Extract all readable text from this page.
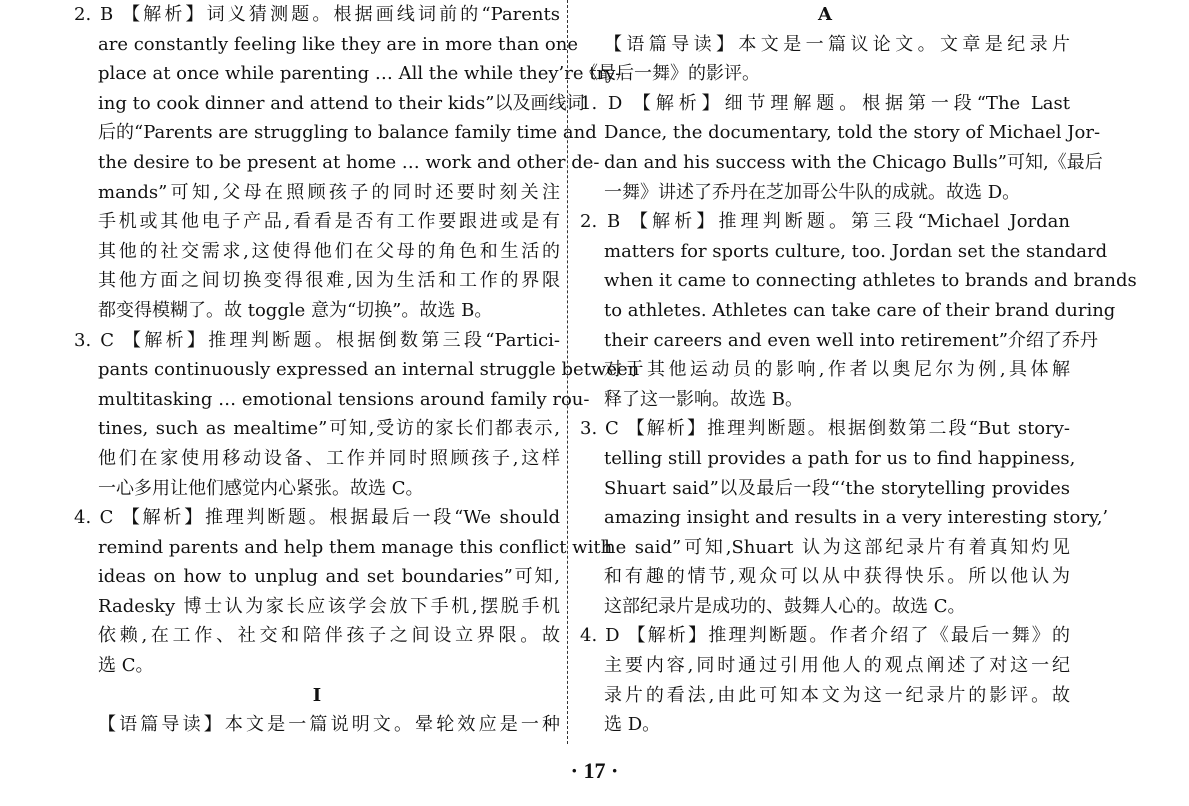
2. B 【解析】词义猜测题。根据画线词前的“Parents
are constantly feeling like they are in more than one
place at once while parenting … All the while they’re try-
ing to cook dinner and attend to their kids”以及画线词
后的“Parents are struggling to balance family time and
the desire to be present at home … work and other de-
mands”可知,父母在照顾孩子的同时还要时刻关注
手机或其他电子产品,看看是否有工作要跟进或是有
其他的社交需求,这使得他们在父母的角色和生活的
其他方面之间切换变得很难,因为生活和工作的界限
都变得模糊了。故 toggle 意为“切换”。故选 B。
3. C 【解析】推理判断题。根据倒数第三段“Partici-
pants continuously expressed an internal struggle between
multitasking … emotional tensions around family rou-
tines, such as mealtime”可知,受访的家长们都表示,
他们在家使用移动设备、工作并同时照顾孩子,这样
一心多用让他们感觉内心紧张。故选 C。
4. C 【解析】推理判断题。根据最后一段“We should
remind parents and help them manage this conflict with
ideas on how to unplug and set boundaries”可知,
Radesky 博士认为家长应该学会放下手机,摆脱手机
依赖,在工作、社交和陪伴孩子之间设立界限。故
选 C。
I
【语篇导读】本文是一篇说明文。晕轮效应是一种
A
【语篇导读】本文是一篇议论文。文章是纪录片
《最后一舞》的影评。
1. D 【解析】细节理解题。根据第一段“The Last
Dance, the documentary, told the story of Michael Jor-
dan and his success with the Chicago Bulls”可知,《最后
一舞》讲述了乔丹在芝加哥公牛队的成就。故选 D。
2. B 【解析】推理判断题。第三段“Michael Jordan
matters for sports culture, too. Jordan set the standard
when it came to connecting athletes to brands and brands
to athletes. Athletes can take care of their brand during
their careers and even well into retirement”介绍了乔丹
对于其他运动员的影响,作者以奥尼尔为例,具体解
释了这一影响。故选 B。
3. C 【解析】推理判断题。根据倒数第二段“But story-
telling still provides a path for us to find happiness,
Shuart said”以及最后一段“‘the storytelling provides
amazing insight and results in a very interesting story,’
he said”可知,Shuart 认为这部纪录片有着真知灼见
和有趣的情节,观众可以从中获得快乐。所以他认为
这部纪录片是成功的、鼓舞人心的。故选 C。
4. D 【解析】推理判断题。作者介绍了《最后一舞》的
主要内容,同时通过引用他人的观点阐述了对这一纪
录片的看法,由此可知本文为这一纪录片的影评。故
选 D。
· 17 ·
